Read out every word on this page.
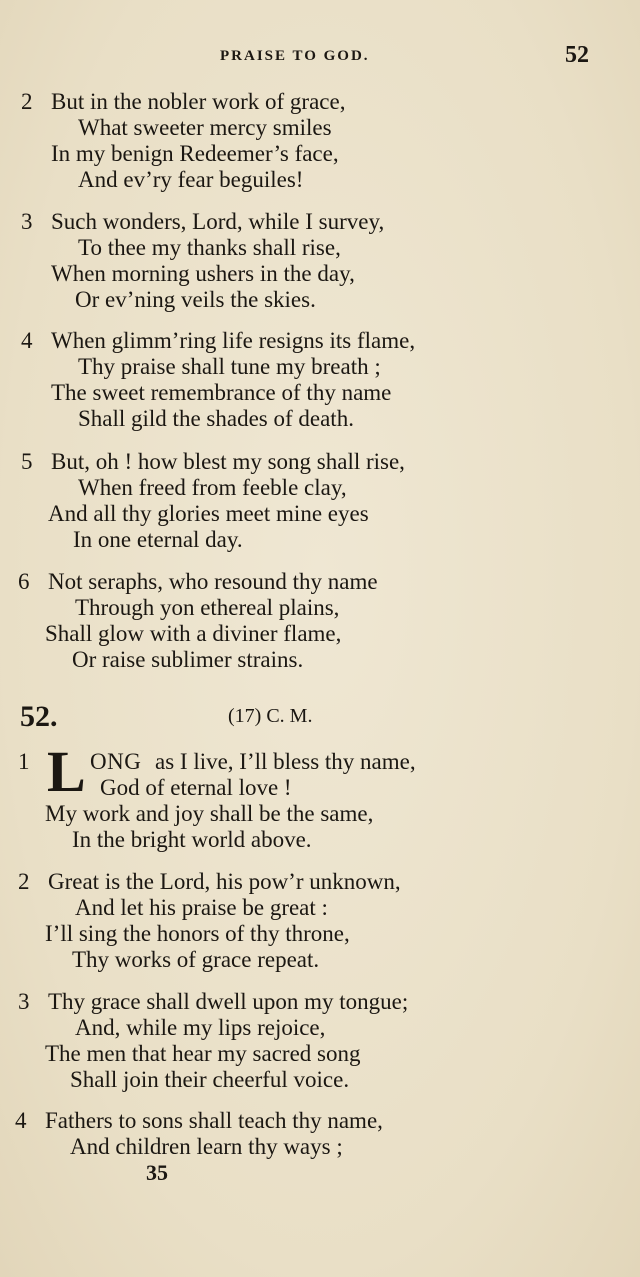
PRAISE TO GOD.	52
2 But in the nobler work of grace,
What sweeter mercy smiles
In my benign Redeemer’s face,
And ev’ry fear beguiles!
3 Such wonders, Lord, while I survey,
To thee my thanks shall rise,
When morning ushers in the day,
Or ev’ning veils the skies.
4 When glimm’ring life resigns its flame,
Thy praise shall tune my breath ;
The sweet remembrance of thy name
Shall gild the shades of death.
5 But, oh ! how blest my song shall rise,
When freed from feeble clay,
And all thy glories meet mine eyes
In one eternal day.
6 Not seraphs, who resound thy name
Through yon ethereal plains,
Shall glow with a diviner flame,
Or raise sublimer strains.
52.	(17) C. M.
1 L ONG as I live, I’ll bless thy name,
God of eternal love !
My work and joy shall be the same,
In the bright world above.
2 Great is the Lord, his pow’r unknown,
And let his praise be great :
I’ll sing the honors of thy throne,
Thy works of grace repeat.
3 Thy grace shall dwell upon my tongue;
And, while my lips rejoice,
The men that hear my sacred song
Shall join their cheerful voice.
4 Fathers to sons shall teach thy name,
And children learn thy ways ;
35
